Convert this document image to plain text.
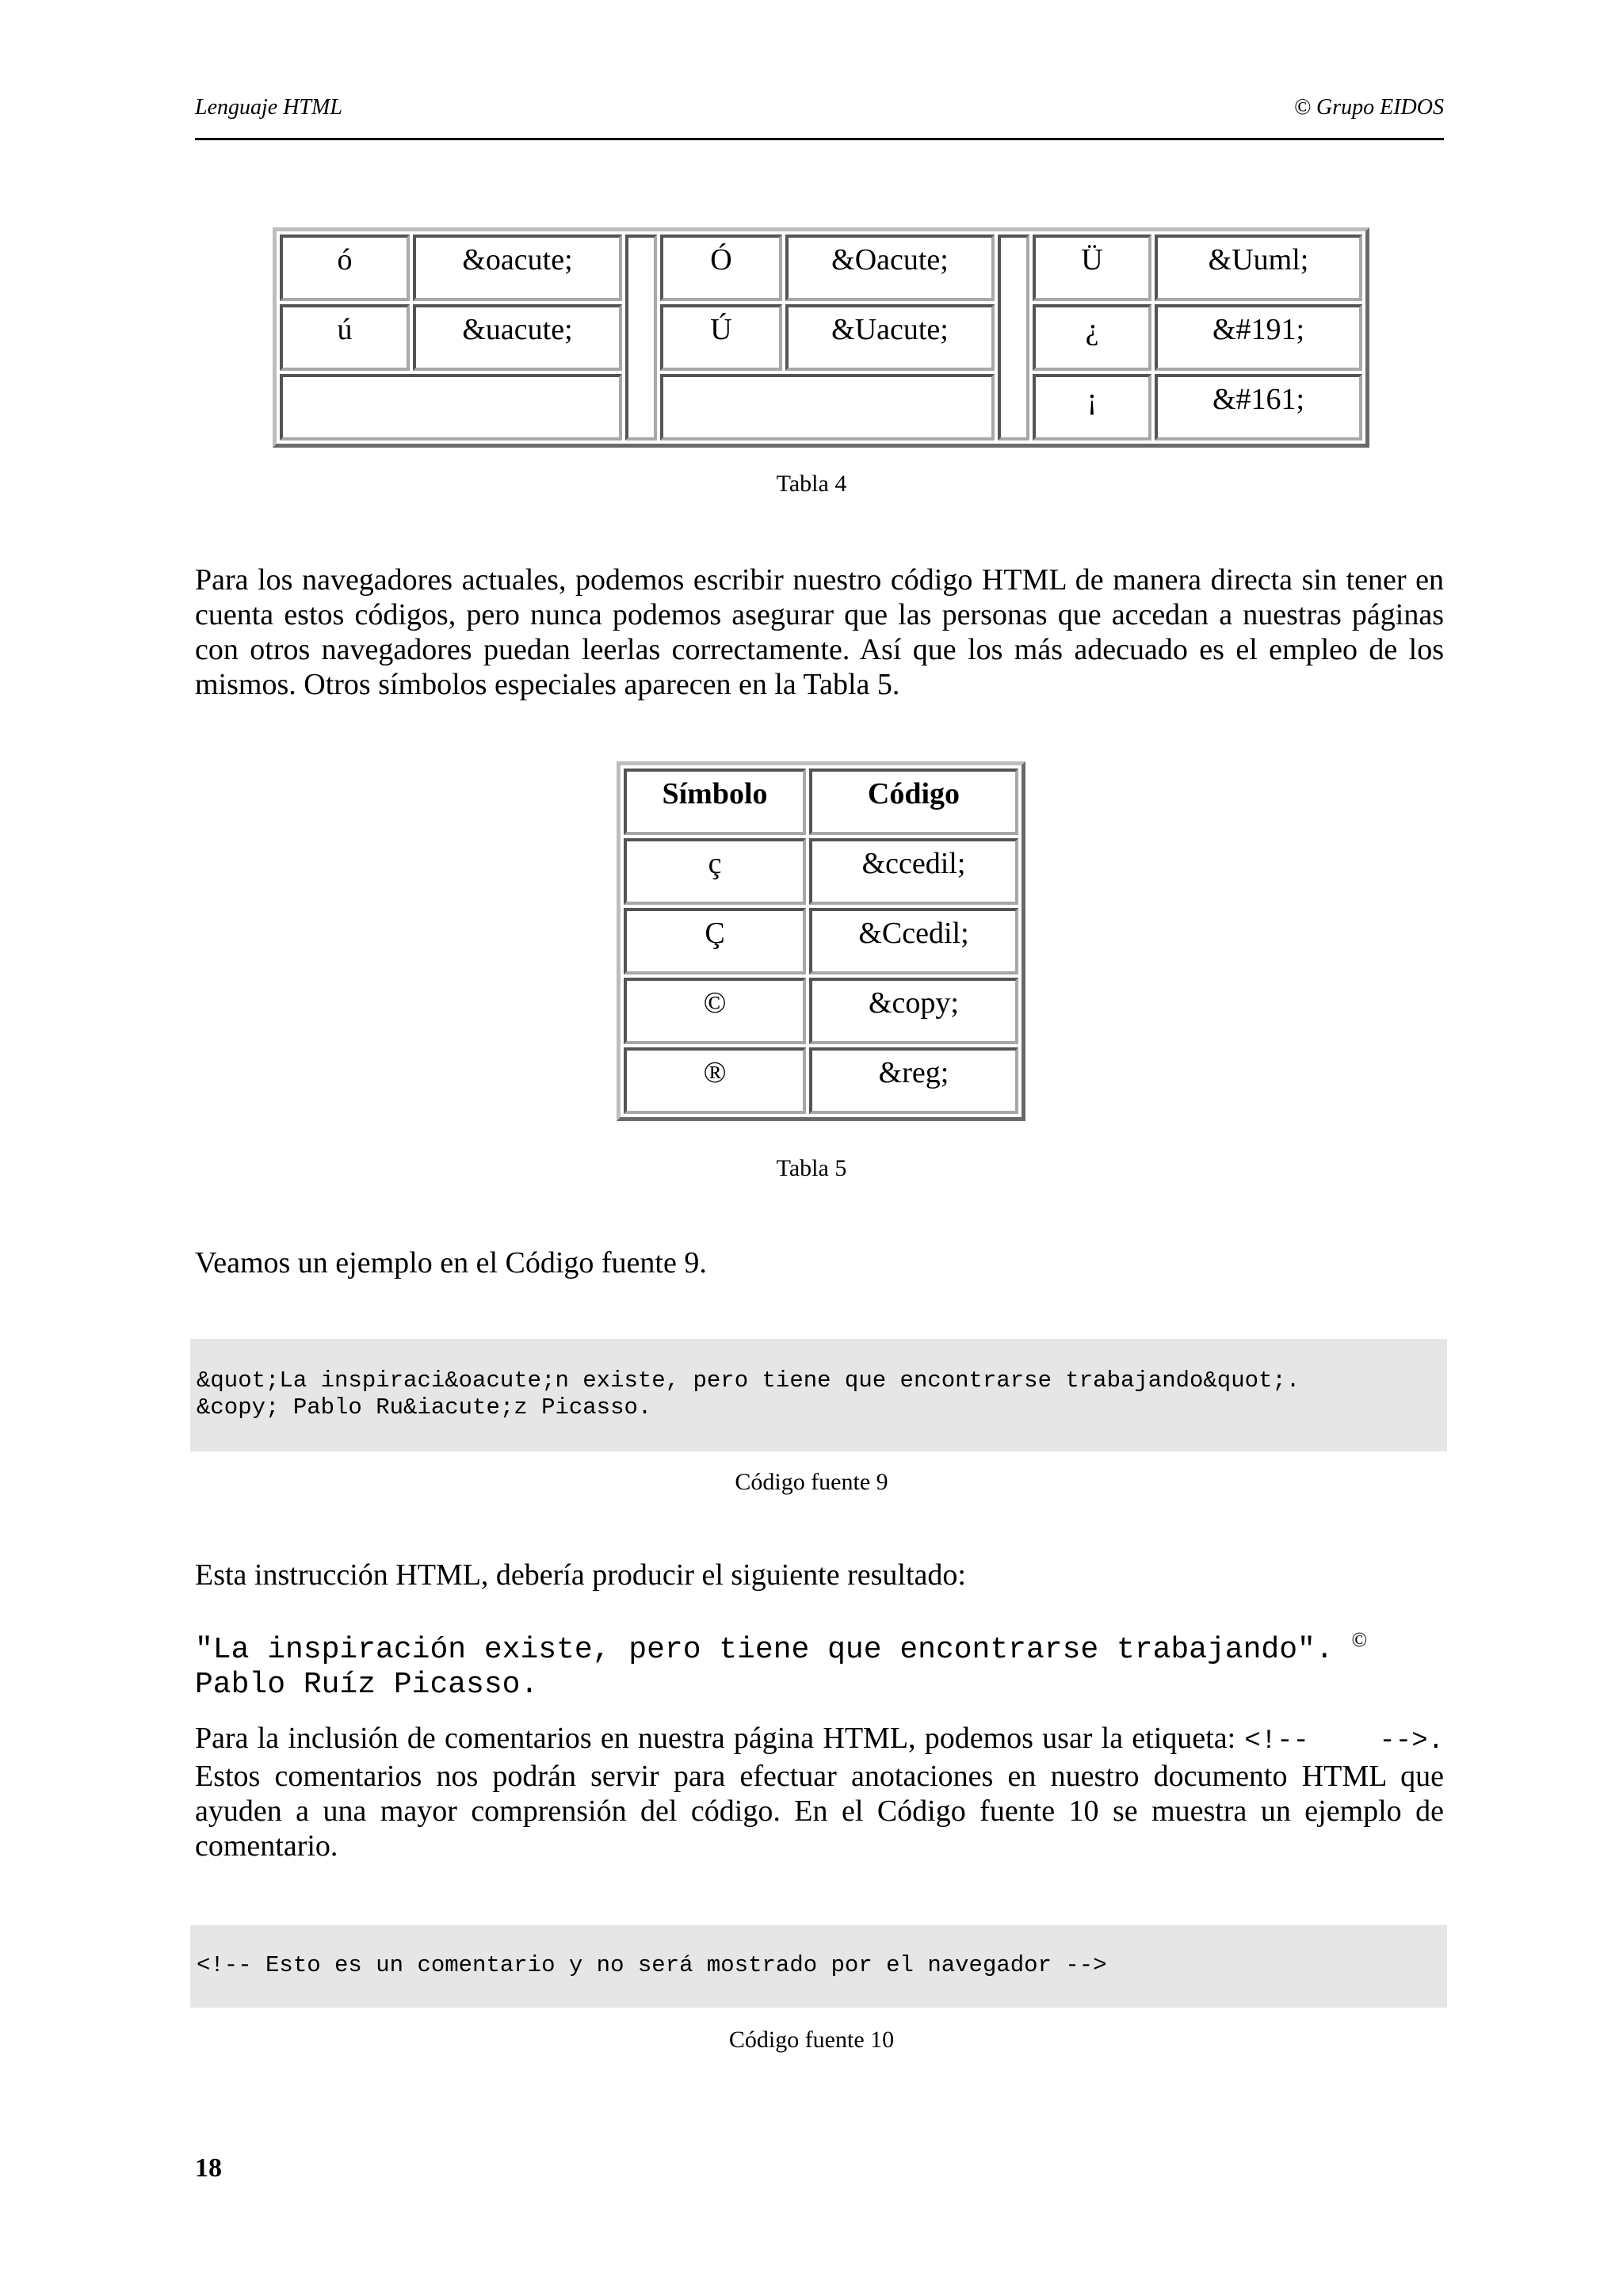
Lenguaje HTML	© Grupo EIDOS
ó	&oacute;		Ó	&Oacute;		Ü	&Uuml;
ú	&uacute;		Ú	&Uacute;		¿	&#191;
						¡	&#161;
Tabla 4
Para los navegadores actuales, podemos escribir nuestro código HTML de manera directa sin tener en cuenta estos códigos, pero nunca podemos asegurar que las personas que accedan a nuestras páginas con otros navegadores puedan leerlas correctamente. Así que los más adecuado es el empleo de los mismos. Otros símbolos especiales aparecen en la Tabla 5.
Símbolo	Código
ç	&ccedil;
Ç	&Ccedil;
©	&copy;
®	&reg;
Tabla 5
Veamos un ejemplo en el Código fuente 9.
&quot;La inspiraci&oacute;n existe, pero tiene que encontrarse trabajando&quot;.
&copy; Pablo Ru&iacute;z Picasso.
Código fuente 9
Esta instrucción HTML, debería producir el siguiente resultado:
"La inspiración existe, pero tiene que encontrarse trabajando". ©
Pablo Ruíz Picasso.
Para la inclusión de comentarios en nuestra página HTML, podemos usar la etiqueta: <!--    -->. Estos comentarios nos podrán servir para efectuar anotaciones en nuestro documento HTML que ayuden a una mayor comprensión del código. En el Código fuente 10 se muestra un ejemplo de comentario.
<!-- Esto es un comentario y no será mostrado por el navegador -->
Código fuente 10
18
